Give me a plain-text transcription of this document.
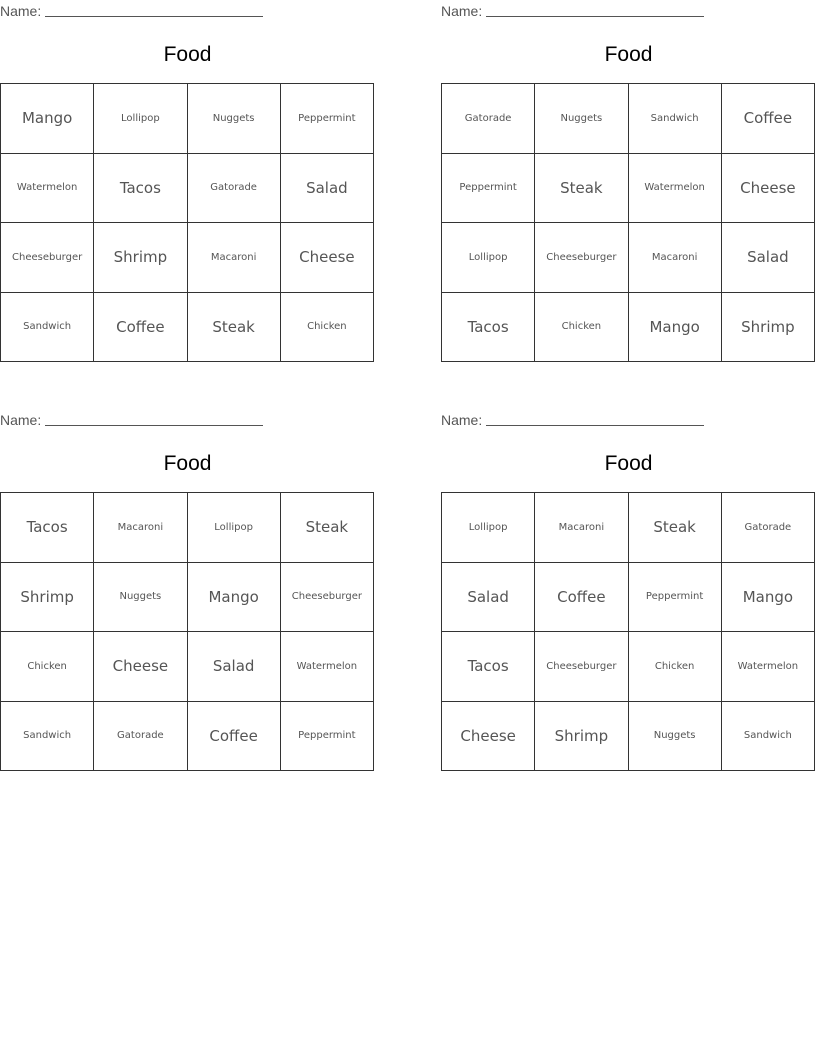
Name:
Food
Mango	Lollipop	Nuggets	Peppermint
Watermelon	Tacos	Gatorade	Salad
Cheeseburger	Shrimp	Macaroni	Cheese
Sandwich	Coffee	Steak	Chicken
Name:
Food
Gatorade	Nuggets	Sandwich	Coffee
Peppermint	Steak	Watermelon	Cheese
Lollipop	Cheeseburger	Macaroni	Salad
Tacos	Chicken	Mango	Shrimp
Name:
Food
Tacos	Macaroni	Lollipop	Steak
Shrimp	Nuggets	Mango	Cheeseburger
Chicken	Cheese	Salad	Watermelon
Sandwich	Gatorade	Coffee	Peppermint
Name:
Food
Lollipop	Macaroni	Steak	Gatorade
Salad	Coffee	Peppermint	Mango
Tacos	Cheeseburger	Chicken	Watermelon
Cheese	Shrimp	Nuggets	Sandwich
